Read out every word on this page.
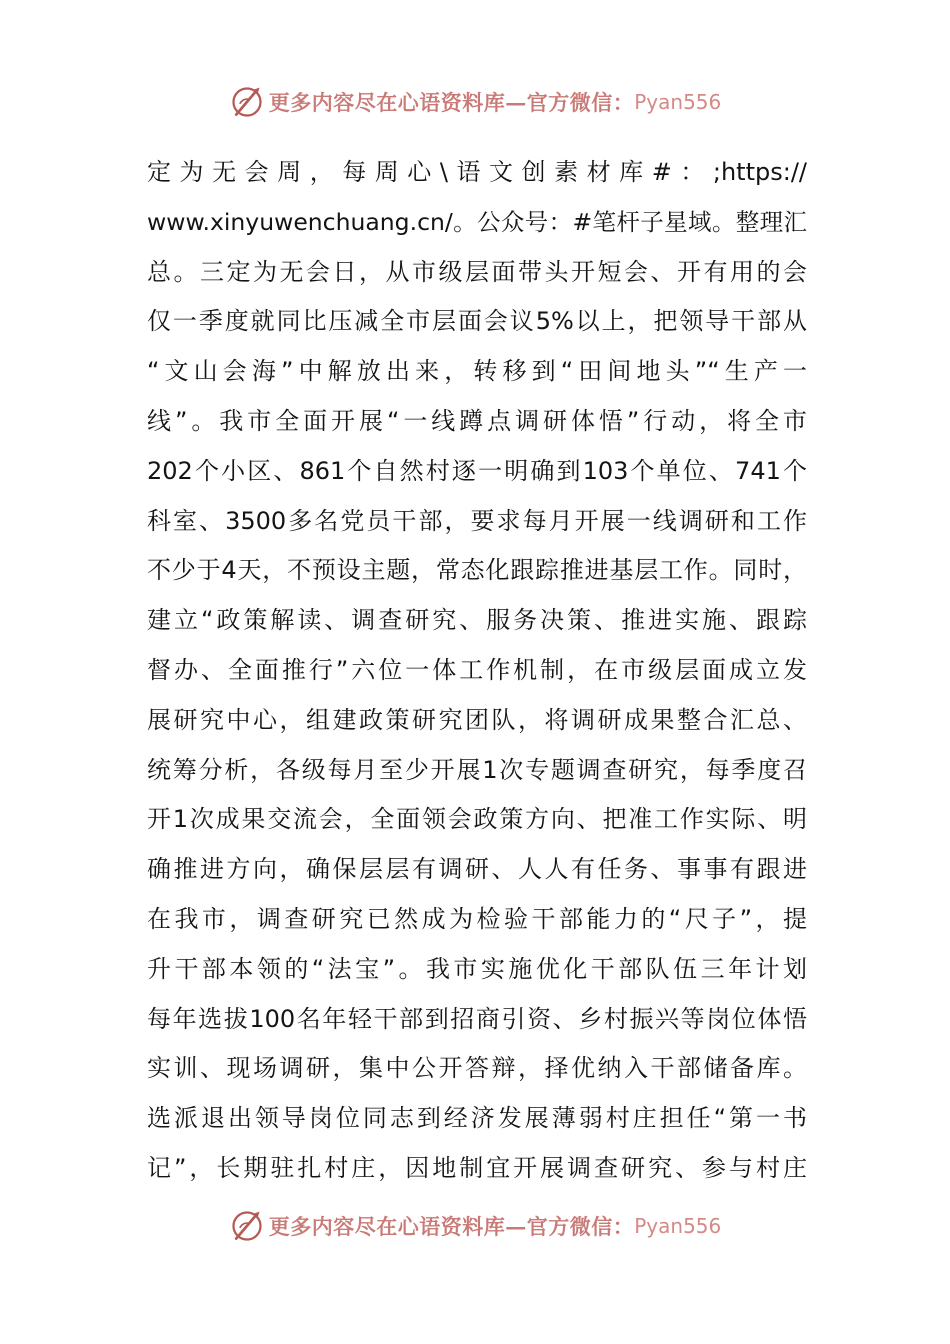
更多内容尽在心语资料库—官方微信： Pyan556
定为无会周，每周心\语文创素材库#：;https://
www.xinyuwenchuang.cn/。公众号：#笔杆子星域。整理汇
总。三定为无会日，从市级层面带头开短会、开有用的会
仅一季度就同比压减全市层面会议5%以上，把领导干部从
“文山会海”中解放出来，转移到“田间地头”“生产一
线”。我市全面开展“一线蹲点调研体悟”行动，将全市
202个小区、861个自然村逐一明确到103个单位、741个
科室、3500多名党员干部，要求每月开展一线调研和工作
不少于4天，不预设主题，常态化跟踪推进基层工作。同时，
建立“政策解读、调查研究、服务决策、推进实施、跟踪
督办、全面推行”六位一体工作机制，在市级层面成立发
展研究中心，组建政策研究团队，将调研成果整合汇总、
统筹分析，各级每月至少开展1次专题调查研究，每季度召
开1次成果交流会，全面领会政策方向、把准工作实际、明
确推进方向，确保层层有调研、人人有任务、事事有跟进
在我市，调查研究已然成为检验干部能力的“尺子”，提
升干部本领的“法宝”。我市实施优化干部队伍三年计划
每年选拔100名年轻干部到招商引资、乡村振兴等岗位体悟
实训、现场调研，集中公开答辩，择优纳入干部储备库。
选派退出领导岗位同志到经济发展薄弱村庄担任“第一书
记”，长期驻扎村庄，因地制宜开展调查研究、参与村庄
更多内容尽在心语资料库—官方微信： Pyan556
